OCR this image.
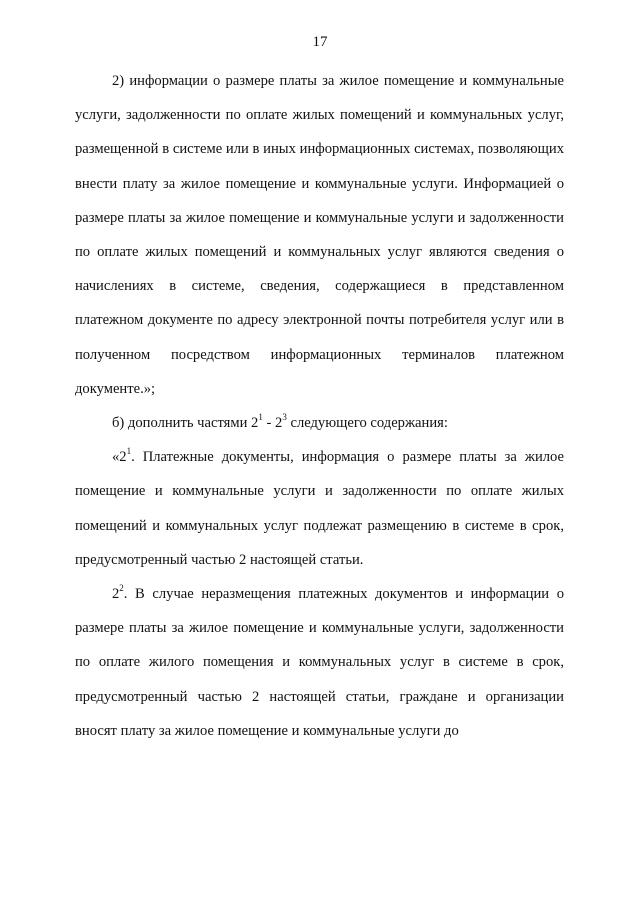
17

2) информации о размере платы за жилое помещение и коммунальные услуги, задолженности по оплате жилых помещений и коммунальных услуг, размещенной в системе или в иных информационных системах, позволяющих внести плату за жилое помещение и коммунальные услуги. Информацией о размере платы за жилое помещение и коммунальные услуги и задолженности по оплате жилых помещений и коммунальных услуг являются сведения о начислениях в системе, сведения, содержащиеся в представленном платежном документе по адресу электронной почты потребителя услуг или в полученном посредством информационных терминалов платежном документе.»;

б) дополнить частями $2^1 - 2^3$ следующего содержания:

«$2^1$. Платежные документы, информация о размере платы за жилое помещение и коммунальные услуги и задолженности по оплате жилых помещений и коммунальных услуг подлежат размещению в системе в срок, предусмотренный частью 2 настоящей статьи.

$2^2$. В случае неразмещения платежных документов и информации о размере платы за жилое помещение и коммунальные услуги, задолженности по оплате жилого помещения и коммунальных услуг в системе в срок, предусмотренный частью 2 настоящей статьи, граждане и организации вносят плату за жилое помещение и коммунальные услуги до
